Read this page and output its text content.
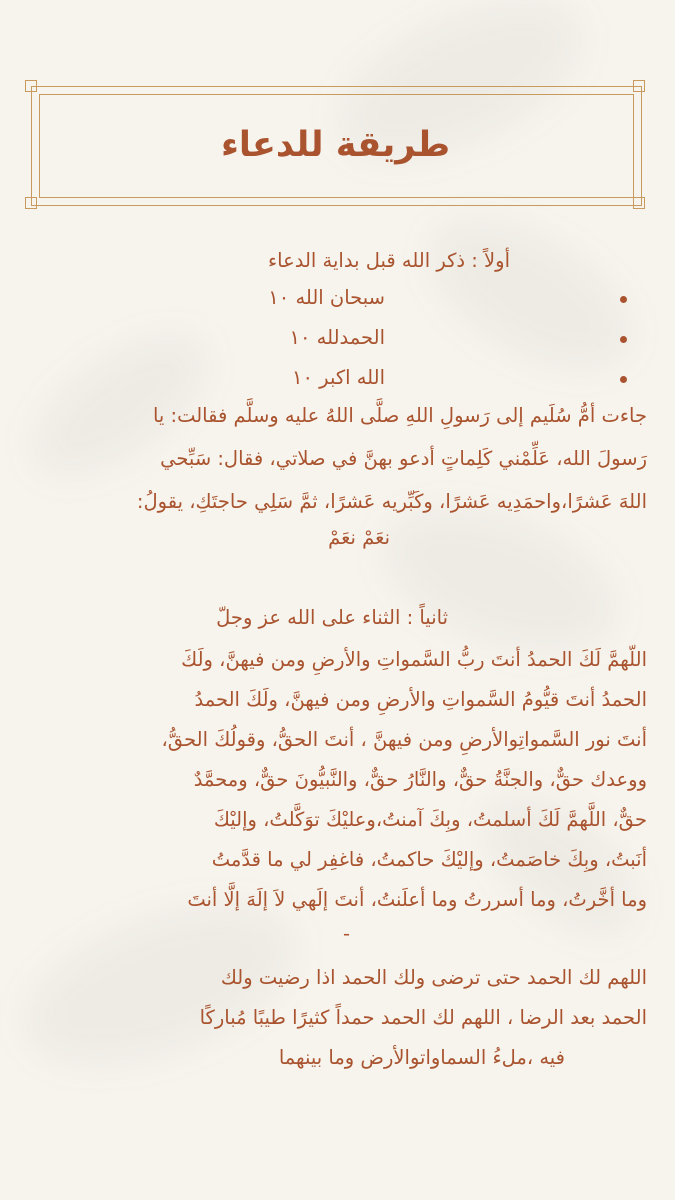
طريقة للدعاء
أولاً : ذكر الله قبل بداية الدعاء
سبحان الله ١٠
الحمدلله ١٠
الله اكبر ١٠
جاءت أمُّ سُلَيم إلى رَسولِ اللهِ صلَّى اللهُ عليه وسلَّم فقالت: يا
رَسولَ الله، عَلِّمْني كَلِماتٍ أدعو بهنَّ في صلاتي، فقال: سَبِّحي
اللهَ عَشرًا،واحمَدِيه عَشرًا، وكَبِّريه عَشرًا، ثمَّ سَلِي حاجتَكِ، يقولُ:
نعَمْ نعَمْ
ثانياً : الثناء على الله عز وجلّ
اللّهمَّ لَكَ الحمدُ أنتَ ربُّ السَّمواتِ والأرضِ ومن فيهنَّ، ولَكَ
الحمدُ أنتَ قيُّومُ السَّمواتِ والأرضِ ومن فيهنَّ، ولَكَ الحمدُ
أنتَ نور السَّمواتِوالأرضِ ومن فيهنَّ ، أنتَ الحقُّ، وقولُكَ الحقُّ،
ووعدك حقٌّ، والجنَّةُ حقٌّ، والنَّارُ حقٌّ، والنَّبيُّونَ حقٌّ، ومحمَّدٌ
حقٌّ، اللَّهمَّ لَكَ أسلمتُ، وبِكَ آمنتُ،وعليْكَ توَكَّلتُ، وإليْكَ
أنَبتُ، وبِكَ خاصَمتُ، وإليْكَ حاكمتُ، فاغفِر لي ما قدَّمتُ
وما أخَّرتُ، وما أسررتُ وما أعلَنتُ، أنتَ إلَهي لاَ إلَهَ إلَّا أنتَ
-
اللهم لك الحمد حتى ترضى ولك الحمد اذا رضيت ولك
الحمد بعد الرضا ، اللهم لك الحمد حمداً كثيرًا طيبًا مُباركًا
فيه ،ملءُ السماواتوالأرض وما بينهما
